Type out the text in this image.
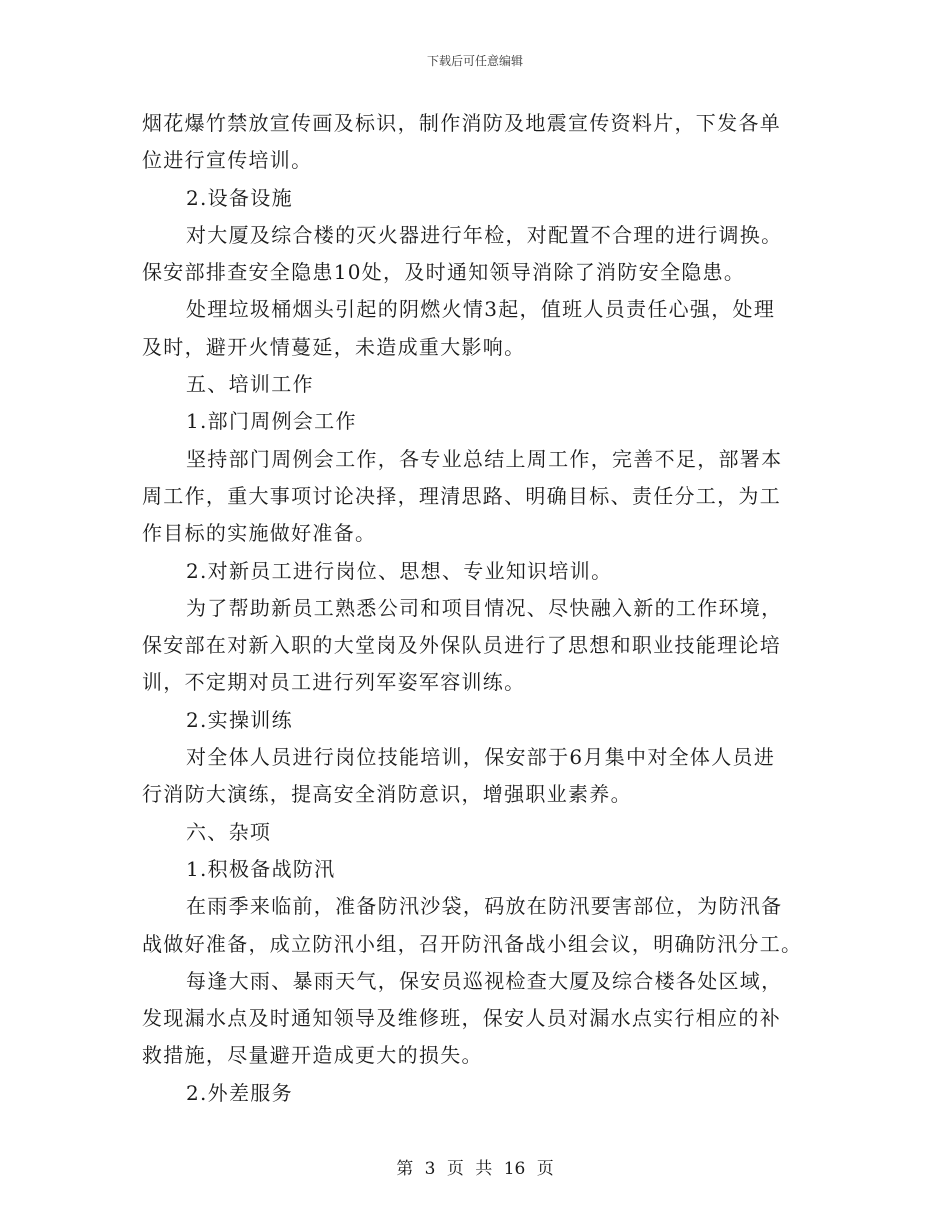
下载后可任意编辑
烟花爆竹禁放宣传画及标识，制作消防及地震宣传资料片，下发各单
位进行宣传培训。
2.设备设施
对大厦及综合楼的灭火器进行年检，对配置不合理的进行调换。
保安部排查安全隐患10处，及时通知领导消除了消防安全隐患。
处理垃圾桶烟头引起的阴燃火情3起，值班人员责任心强，处理
及时，避开火情蔓延，未造成重大影响。
五、培训工作
1.部门周例会工作
坚持部门周例会工作，各专业总结上周工作，完善不足，部署本
周工作，重大事项讨论决择，理清思路、明确目标、责任分工，为工
作目标的实施做好准备。
2.对新员工进行岗位、思想、专业知识培训。
为了帮助新员工熟悉公司和项目情况、尽快融入新的工作环境，
保安部在对新入职的大堂岗及外保队员进行了思想和职业技能理论培
训，不定期对员工进行列军姿军容训练。
2.实操训练
对全体人员进行岗位技能培训，保安部于6月集中对全体人员进
行消防大演练，提高安全消防意识，增强职业素养。
六、杂项
1.积极备战防汛
在雨季来临前，准备防汛沙袋，码放在防汛要害部位，为防汛备
战做好准备，成立防汛小组，召开防汛备战小组会议，明确防汛分工。
每逢大雨、暴雨天气，保安员巡视检查大厦及综合楼各处区域，
发现漏水点及时通知领导及维修班，保安人员对漏水点实行相应的补
救措施，尽量避开造成更大的损失。
2.外差服务
第 3 页 共 16 页
